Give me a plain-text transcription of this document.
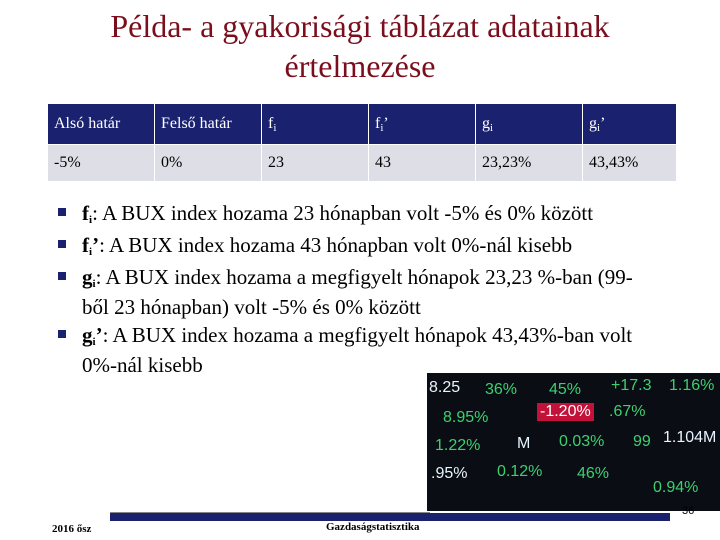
Példa- a gyakorisági táblázat adatainak
értelmezése
Alsó határ	Felső határ	fi	fi’	gi	gi’
-5%	0%	23	43	23,23%	43,43%
fi: A BUX index hozama 23 hónapban volt -5% és 0% között
fi’: A BUX index hozama 43 hónapban volt 0%-nál kisebb
gi: A BUX index hozama a megfigyelt hónapok 23,23 %-ban (99-ből 23 hónapban) volt -5% és 0% között
gi’: A BUX index hozama a megfigyelt hónapok 43,43%-ban volt 0%-nál kisebb
8.25 36% 45% +17.3 1.16%
8.95%	-1.20% .67%
1.104M
1.22% M 0.03% 99
.95% 0.12% 46%
0.94%
36
2016 ősz	Gazdaságstatisztika
